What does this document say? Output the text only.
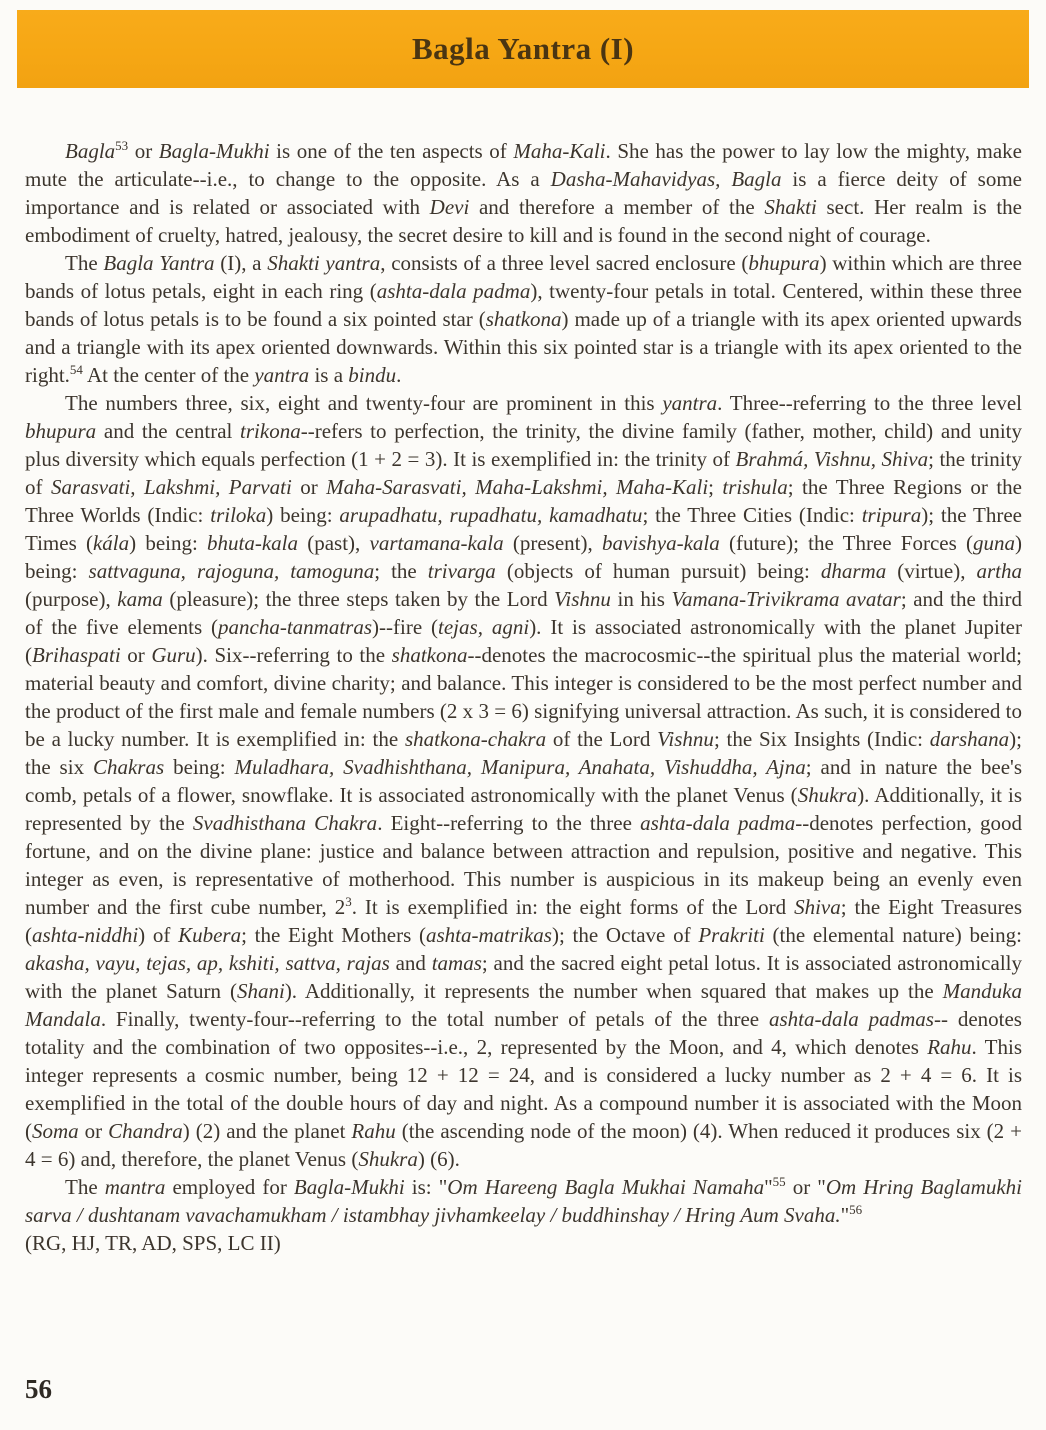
Bagla Yantra (I)

Bagla$^{53}$ or Bagla-Mukhi is one of the ten aspects of Maha-Kali. She has the power to lay low the mighty, make mute the articulate--i.e., to change to the opposite. As a Dasha-Mahavidyas, Bagla is a fierce deity of some importance and is related or associated with Devi and therefore a member of the Shakti sect. Her realm is the embodiment of cruelty, hatred, jealousy, the secret desire to kill and is found in the second night of courage.

The Bagla Yantra (I), a Shakti yantra, consists of a three level sacred enclosure (bhupura) within which are three bands of lotus petals, eight in each ring (ashta-dala padma), twenty-four petals in total. Centered, within these three bands of lotus petals is to be found a six pointed star (shatkona) made up of a triangle with its apex oriented upwards and a triangle with its apex oriented downwards. Within this six pointed star is a triangle with its apex oriented to the right.$^{54}$ At the center of the yantra is a bindu.

The numbers three, six, eight and twenty-four are prominent in this yantra. Three--referring to the three level bhupura and the central trikona--refers to perfection, the trinity, the divine family (father, mother, child) and unity plus diversity which equals perfection (1 + 2 = 3). It is exemplified in: the trinity of Brahmá, Vishnu, Shiva; the trinity of Sarasvati, Lakshmi, Parvati or Maha-Sarasvati, Maha-Lakshmi, Maha-Kali; trishula; the Three Regions or the Three Worlds (Indic: triloka) being: arupadhatu, rupadhatu, kamadhatu; the Three Cities (Indic: tripura); the Three Times (kála) being: bhuta-kala (past), vartamana-kala (present), bavishya-kala (future); the Three Forces (guna) being: sattvaguna, rajoguna, tamoguna; the trivarga (objects of human pursuit) being: dharma (virtue), artha (purpose), kama (pleasure); the three steps taken by the Lord Vishnu in his Vamana-Trivikrama avatar; and the third of the five elements (pancha-tanmatras)--fire (tejas, agni). It is associated astronomically with the planet Jupiter (Brihaspati or Guru). Six--referring to the shatkona--denotes the macrocosmic--the spiritual plus the material world; material beauty and comfort, divine charity; and balance. This integer is considered to be the most perfect number and the product of the first male and female numbers (2 x 3 = 6) signifying universal attraction. As such, it is considered to be a lucky number. It is exemplified in: the shatkona-chakra of the Lord Vishnu; the Six Insights (Indic: darshana); the six Chakras being: Muladhara, Svadhishthana, Manipura, Anahata, Vishuddha, Ajna; and in nature the bee's comb, petals of a flower, snowflake. It is associated astronomically with the planet Venus (Shukra). Additionally, it is represented by the Svadhisthana Chakra. Eight--referring to the three ashta-dala padma--denotes perfection, good fortune, and on the divine plane: justice and balance between attraction and repulsion, positive and negative. This integer as even, is representative of motherhood. This number is auspicious in its makeup being an evenly even number and the first cube number, $2^3$. It is exemplified in: the eight forms of the Lord Shiva; the Eight Treasures (ashta-niddhi) of Kubera; the Eight Mothers (ashta-matrikas); the Octave of Prakriti (the elemental nature) being: akasha, vayu, tejas, ap, kshiti, sattva, rajas and tamas; and the sacred eight petal lotus. It is associated astronomically with the planet Saturn (Shani). Additionally, it represents the number when squared that makes up the Manduka Mandala. Finally, twenty-four--referring to the total number of petals of the three ashta-dala padmas-- denotes totality and the combination of two opposites--i.e., 2, represented by the Moon, and 4, which denotes Rahu. This integer represents a cosmic number, being 12 + 12 = 24, and is considered a lucky number as 2 + 4 = 6. It is exemplified in the total of the double hours of day and night. As a compound number it is associated with the Moon (Soma or Chandra) (2) and the planet Rahu (the ascending node of the moon) (4). When reduced it produces six (2 + 4 = 6) and, therefore, the planet Venus (Shukra) (6).

The mantra employed for Bagla-Mukhi is: "Om Hareeng Bagla Mukhai Namaha"$^{55}$ or "Om Hring Baglamukhi sarva / dushtanam vavachamukham / istambhay jivhamkeelay / buddhinshay / Hring Aum Svaha."$^{56}$

(RG, HJ, TR, AD, SPS, LC II)

56
